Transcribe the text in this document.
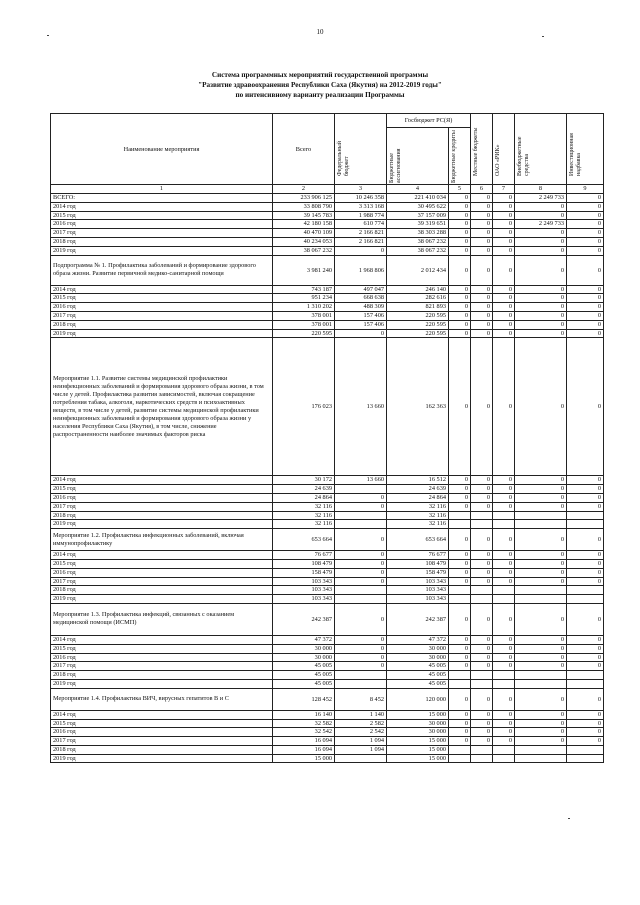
10
Система программных мероприятий государственной программы
"Развитие здравоохранения Республики Саха (Якутия) на 2012-2019 годы"
по интенсивному варианту реализации Программы
Наименование мероприятия	Всего	Федеральный бюджет	Госбюджет РС(Я)		Местные бюджеты	ОАО «РИК»	Внебюджетные средства	Инвестиционная надбавка

			Бюджетные ассигнования	Бюджетные кредиты				

1	2	3	4	5	6	7	8	9
ВСЕГО:	233 906 125	10 246 358	221 410 034	0	0	0	2 249 733	0
2014 год	33 808 790	3 313 168	30 495 622	0	0	0	0	0
2015 год	39 145 783	1 988 774	37 157 009	0	0	0	0	0
2016 год	42 180 158	610 774	39 319 651	0	0	0	2 249 733	0
2017 год	40 470 109	2 166 821	38 303 288	0	0	0	0	0
2018 год	40 234 053	2 166 821	38 067 232	0	0	0	0	0
2019 год	38 067 232	0	38 067 232	0	0	0	0	0
Подпрограмма № 1. Профилактика заболеваний и формирование здорового образа жизни. Развитие первичной медико-санитарной помощи	3 981 240	1 968 806	2 012 434	0	0	0	0	0
2014 год	743 187	497 047	246 140	0	0	0	0	0
2015 год	951 234	668 638	282 616	0	0	0	0	0
2016 год	1 310 202	488 309	821 893	0	0	0	0	0
2017 год	378 001	157 406	220 595	0	0	0	0	0
2018 год	378 001	157 406	220 595	0	0	0	0	0
2019 год	220 595	0	220 595	0	0	0	0	0
Мероприятие 1.1. Развитие системы медицинской профилактики неинфекционных заболеваний и формирования здорового образа жизни, в том числе у детей. Профилактика развития зависимостей, включая сокращение потребления табака, алкоголя, наркотических средств и психоактивных веществ, в том числе у детей, развитие системы медицинской профилактики неинфекционных заболеваний и формирования здорового образа жизни у населения Республики Саха (Якутия), в том числе, снижение распространенности наиболее значимых факторов риска	176 023	13 660	162 363	0	0	0	0	0
2014 год	30 172	13 660	16 512	0	0	0	0	0
2015 год	24 639		24 639	0	0	0	0	0
2016 год	24 864	0	24 864	0	0	0	0	0
2017 год	32 116	0	32 116	0	0	0	0	0
2018 год	32 116		32 116					
2019 год	32 116		32 116					
Мероприятие 1.2. Профилактика инфекционных заболеваний, включая иммунопрофилактику	653 664	0	653 664	0	0	0	0	0
2014 год	76 677	0	76 677	0	0	0	0	0
2015 год	108 479	0	108 479	0	0	0	0	0
2016 год	158 479	0	158 479	0	0	0	0	0
2017 год	103 343	0	103 343	0	0	0	0	0
2018 год	103 343		103 343					
2019 год	103 343		103 343					
Мероприятие 1.3. Профилактика инфекций, связанных с оказанием медицинской помощи (ИСМП)	242 387	0	242 387	0	0	0	0	0
2014 год	47 372	0	47 372	0	0	0	0	0
2015 год	30 000	0	30 000	0	0	0	0	0
2016 год	30 000	0	30 000	0	0	0	0	0
2017 год	45 005	0	45 005	0	0	0	0	0
2018 год	45 005		45 005					
2019 год	45 005		45 005					
Мероприятие 1.4. Профилактика ВИЧ, вирусных гепатитов В и С	128 452	8 452	120 000	0	0	0	0	0
2014 год	16 140	1 140	15 000	0	0	0	0	0
2015 год	32 582	2 582	30 000	0	0	0	0	0
2016 год	32 542	2 542	30 000	0	0	0	0	0
2017 год	16 094	1 094	15 000	0	0	0	0	0
2018 год	16 094	1 094	15 000					
2019 год	15 000		15 000					
